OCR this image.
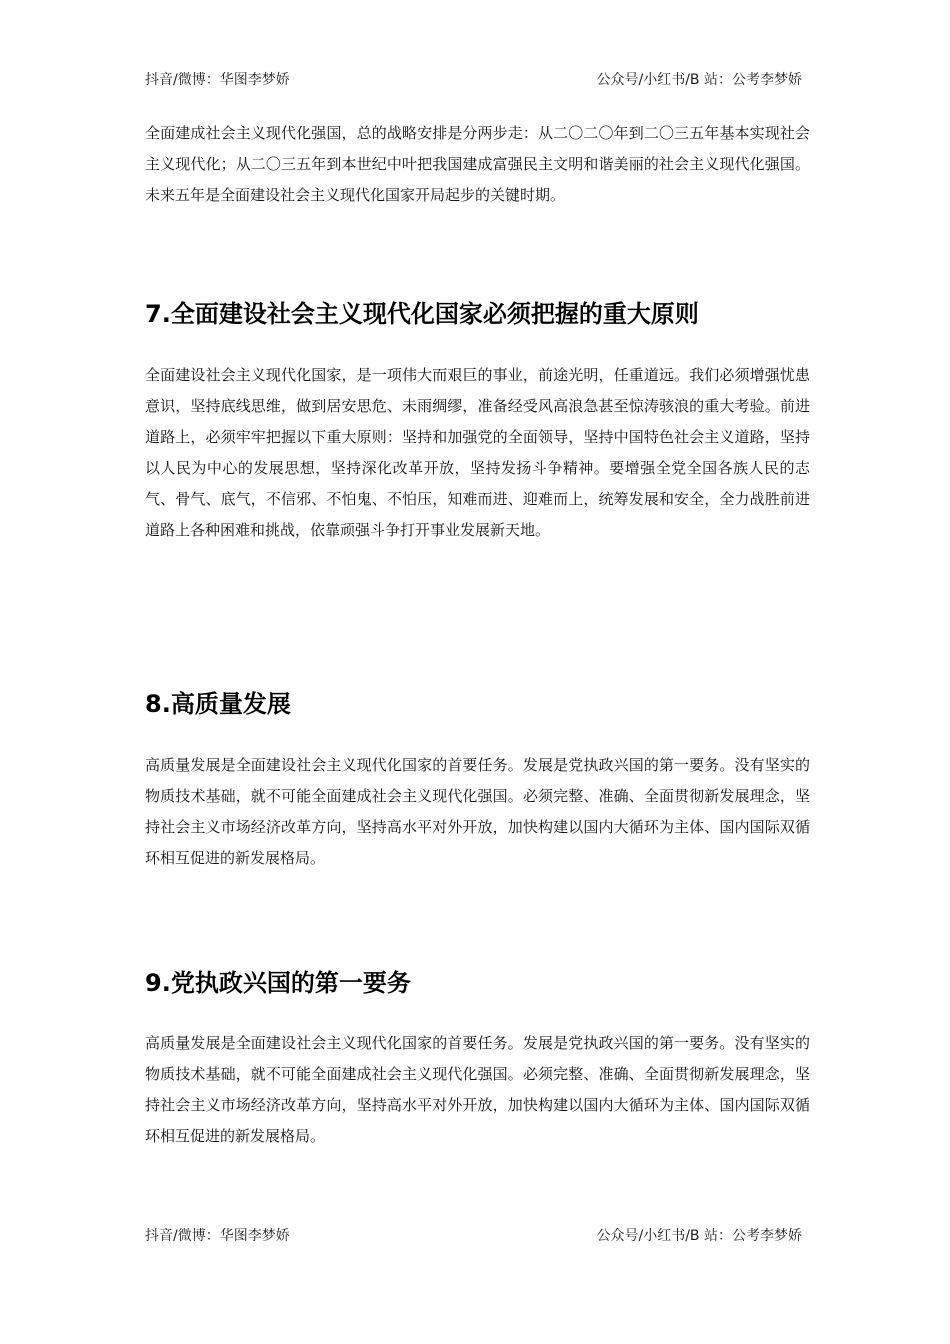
抖音/微博：华图李梦娇	公众号/小红书/B 站：公考李梦娇

全面建成社会主义现代化强国，总的战略安排是分两步走：从二〇二〇年到二〇三五年基本实现社会主义现代化；从二〇三五年到本世纪中叶把我国建成富强民主文明和谐美丽的社会主义现代化强国。未来五年是全面建设社会主义现代化国家开局起步的关键时期。

7.全面建设社会主义现代化国家必须把握的重大原则

全面建设社会主义现代化国家，是一项伟大而艰巨的事业，前途光明，任重道远。我们必须增强忧患意识，坚持底线思维，做到居安思危、未雨绸缪，准备经受风高浪急甚至惊涛骇浪的重大考验。前进道路上，必须牢牢把握以下重大原则：坚持和加强党的全面领导，坚持中国特色社会主义道路，坚持以人民为中心的发展思想，坚持深化改革开放，坚持发扬斗争精神。要增强全党全国各族人民的志气、骨气、底气，不信邪、不怕鬼、不怕压，知难而进、迎难而上，统筹发展和安全，全力战胜前进道路上各种困难和挑战，依靠顽强斗争打开事业发展新天地。

8.高质量发展

高质量发展是全面建设社会主义现代化国家的首要任务。发展是党执政兴国的第一要务。没有坚实的物质技术基础，就不可能全面建成社会主义现代化强国。必须完整、准确、全面贯彻新发展理念，坚持社会主义市场经济改革方向，坚持高水平对外开放，加快构建以国内大循环为主体、国内国际双循环相互促进的新发展格局。

9.党执政兴国的第一要务

高质量发展是全面建设社会主义现代化国家的首要任务。发展是党执政兴国的第一要务。没有坚实的物质技术基础，就不可能全面建成社会主义现代化强国。必须完整、准确、全面贯彻新发展理念，坚持社会主义市场经济改革方向，坚持高水平对外开放，加快构建以国内大循环为主体、国内国际双循环相互促进的新发展格局。

抖音/微博：华图李梦娇	公众号/小红书/B 站：公考李梦娇
